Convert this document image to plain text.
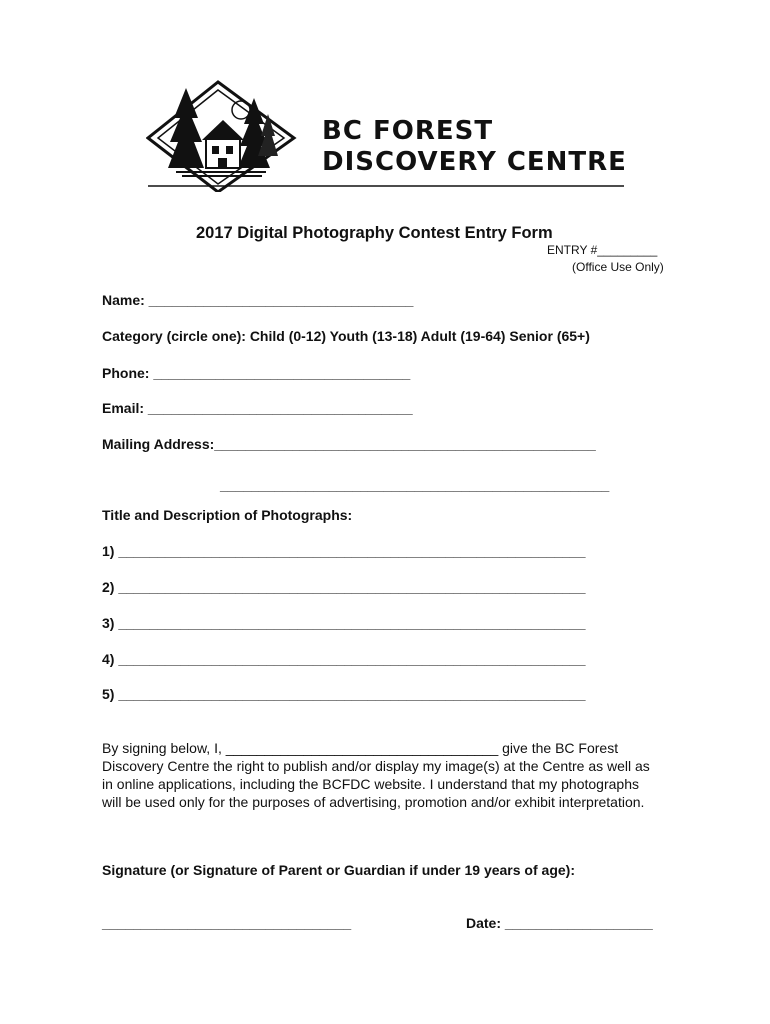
BC FOREST
DISCOVERY CENTRE
2017 Digital Photography Contest Entry Form
ENTRY #_________
(Office Use Only)
Name: __________________________________
Category (circle one): Child (0-12) Youth (13-18) Adult (19-64) Senior (65+)
Phone: _________________________________
Email: __________________________________
Mailing Address:_________________________________________________
__________________________________________________
Title and Description of Photographs:
1) ____________________________________________________________
2) ____________________________________________________________
3) ____________________________________________________________
4) ____________________________________________________________
5) ____________________________________________________________
By signing below, I, ___________________________________ give the BC Forest Discovery Centre the right to publish and/or display my image(s) at the Centre as well as in online applications, including the BCFDC website. I understand that my photographs will be used only for the purposes of advertising, promotion and/or exhibit interpretation.
Signature (or Signature of Parent or Guardian if under 19 years of age):
________________________________	Date: ___________________
